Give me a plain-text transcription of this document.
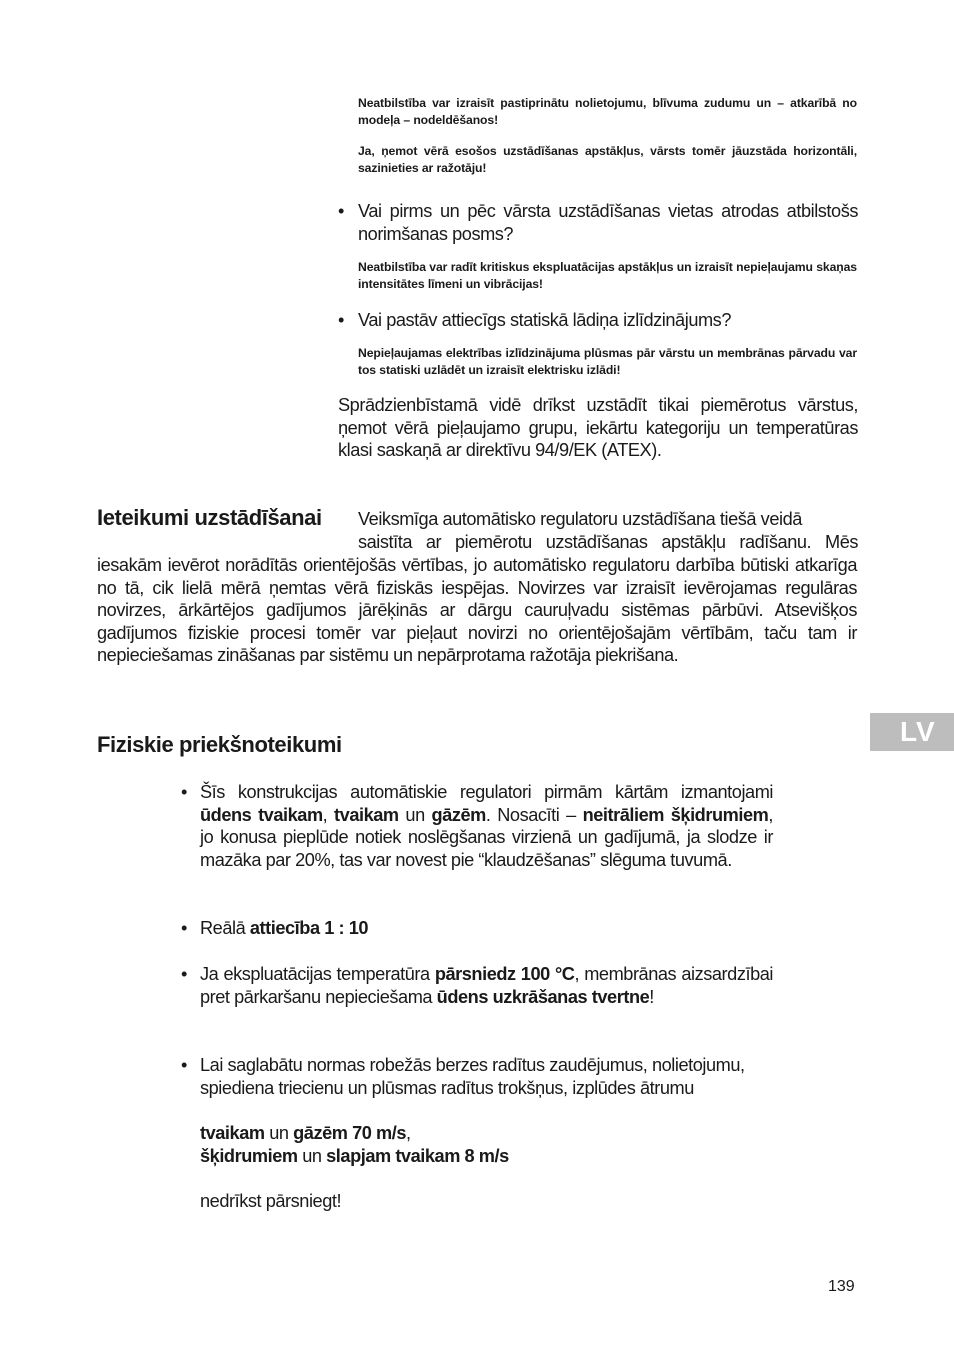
Neatbilstība var izraisīt pastiprinātu nolietojumu, blīvuma zudumu un – atkarībā no modeļa – nodeldēšanos!
Ja, ņemot vērā esošos uzstādīšanas apstākļus, vārsts tomēr jāuzstāda horizontāli, sazinieties ar ražotāju!
• Vai pirms un pēc vārsta uzstādīšanas vietas atrodas atbilstošs norimšanas posms?
Neatbilstība var radīt kritiskus ekspluatācijas apstākļus un izraisīt nepieļaujamu skaņas intensitātes līmeni un vibrācijas!
• Vai pastāv attiecīgs statiskā lādiņa izlīdzinājums?
Nepieļaujamas elektrības izlīdzinājuma plūsmas pār vārstu un membrānas pārvadu var tos statiski uzlādēt un izraisīt elektrisku izlādi!
Sprādzienbīstamā vidē drīkst uzstādīt tikai piemērotus vārstus, ņemot vērā pieļaujamo grupu, iekārtu kategoriju un temperatūras klasi saskaņā ar direktīvu 94/9/EK (ATEX).
Ieteikumi uzstādīšanai Veiksmīga automātisko regulatoru uzstādīšana tiešā veidā
saistīta ar piemērotu uzstādīšanas apstākļu radīšanu. Mēs
iesakām ievērot norādītās orientējošās vērtības, jo automātisko regulatoru darbība būtiski atkarīga no tā, cik lielā mērā ņemtas vērā fiziskās iespējas. Novirzes var izraisīt ievērojamas regulāras novirzes, ārkārtējos gadījumos jārēķinās ar dārgu cauruļvadu sistēmas pārbūvi. Atsevišķos gadījumos fiziskie procesi tomēr var pieļaut novirzi no orientējošajām vērtībām, taču tam ir nepieciešamas zināšanas par sistēmu un nepārprotama ražotāja piekrišana.
LV
Fiziskie priekšnoteikumi
• Šīs konstrukcijas automātiskie regulatori pirmām kārtām izmantojami ūdens tvaikam, tvaikam un gāzēm. Nosacīti – neitrāliem šķidrumiem, jo konusa pieplūde notiek noslēgšanas virzienā un gadījumā, ja slodze ir mazāka par 20%, tas var novest pie “klaudzēšanas” slēguma tuvumā.
• Reālā attiecība 1 : 10
• Ja ekspluatācijas temperatūra pārsniedz 100 °C, membrānas aizsardzībai pret pārkaršanu nepieciešama ūdens uzkrāšanas tvertne!
• Lai saglabātu normas robežās berzes radītus zaudējumus, nolietojumu, spiediena triecienu un plūsmas radītus trokšņus, izplūdes ātrumu
tvaikam un gāzēm 70 m/s,
šķidrumiem un slapjam tvaikam 8 m/s
nedrīkst pārsniegt!
139
